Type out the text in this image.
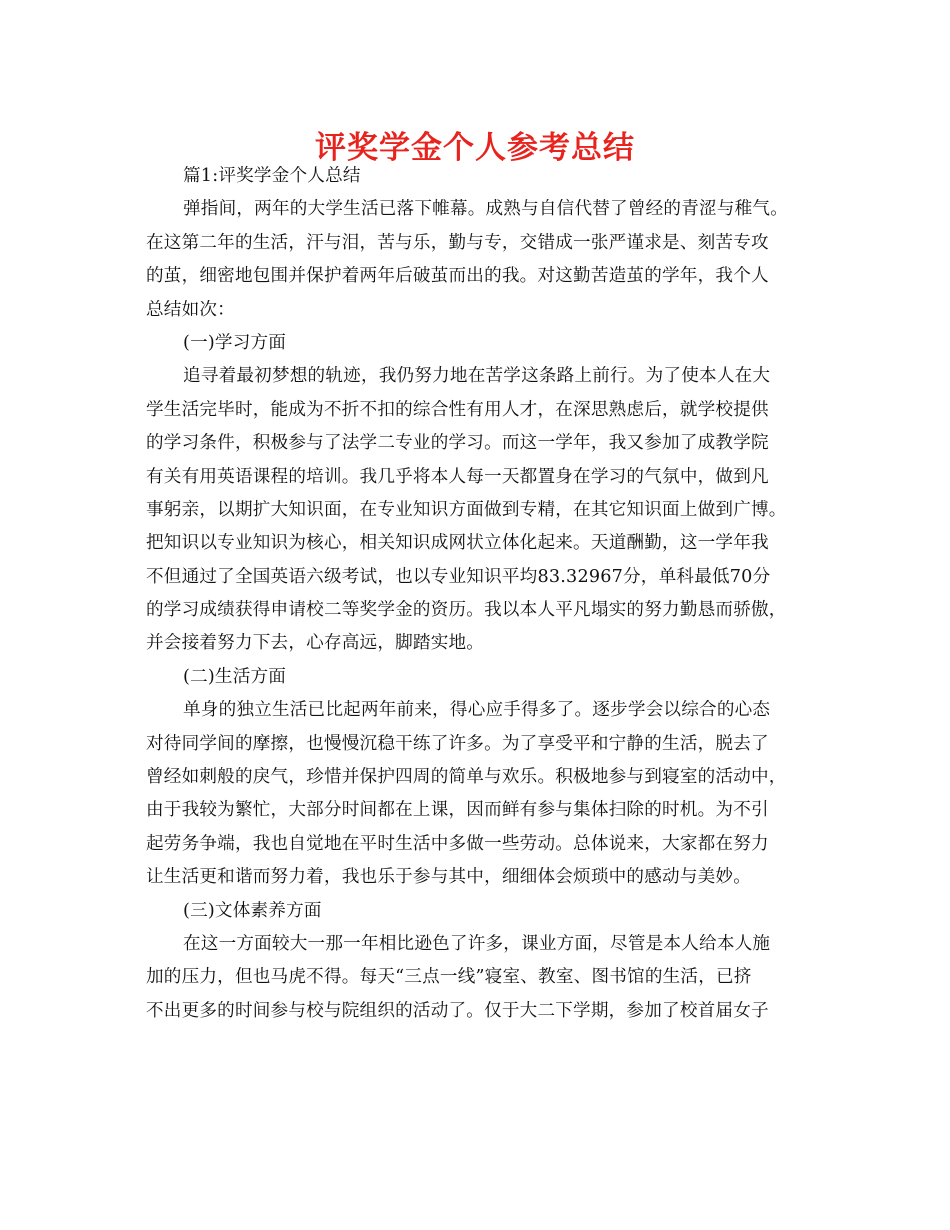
评奖学金个人参考总结
篇1:评奖学金个人总结
弹指间，两年的大学生活已落下帷幕。成熟与自信代替了曾经的青涩与稚气。
在这第二年的生活，汗与泪，苦与乐，勤与专，交错成一张严谨求是、刻苦专攻
的茧，细密地包围并保护着两年后破茧而出的我。对这勤苦造茧的学年，我个人
总结如次：
(一)学习方面
追寻着最初梦想的轨迹，我仍努力地在苦学这条路上前行。为了使本人在大
学生活完毕时，能成为不折不扣的综合性有用人才，在深思熟虑后，就学校提供
的学习条件，积极参与了法学二专业的学习。而这一学年，我又参加了成教学院
有关有用英语课程的培训。我几乎将本人每一天都置身在学习的气氛中，做到凡
事躬亲，以期扩大知识面，在专业知识方面做到专精，在其它知识面上做到广博。
把知识以专业知识为核心，相关知识成网状立体化起来。天道酬勤，这一学年我
不但通过了全国英语六级考试，也以专业知识平均83.32967分，单科最低70分
的学习成绩获得申请校二等奖学金的资历。我以本人平凡塌实的努力勤恳而骄傲，
并会接着努力下去，心存高远，脚踏实地。
(二)生活方面
单身的独立生活已比起两年前来，得心应手得多了。逐步学会以综合的心态
对待同学间的摩擦，也慢慢沉稳干练了许多。为了享受平和宁静的生活，脱去了
曾经如刺般的戾气，珍惜并保护四周的简单与欢乐。积极地参与到寝室的活动中，
由于我较为繁忙，大部分时间都在上课，因而鲜有参与集体扫除的时机。为不引
起劳务争端，我也自觉地在平时生活中多做一些劳动。总体说来，大家都在努力
让生活更和谐而努力着，我也乐于参与其中，细细体会烦琐中的感动与美妙。
(三)文体素养方面
在这一方面较大一那一年相比逊色了许多，课业方面，尽管是本人给本人施
加的压力，但也马虎不得。每天“三点一线”寝室、教室、图书馆的生活，已挤
不出更多的时间参与校与院组织的活动了。仅于大二下学期，参加了校首届女子
